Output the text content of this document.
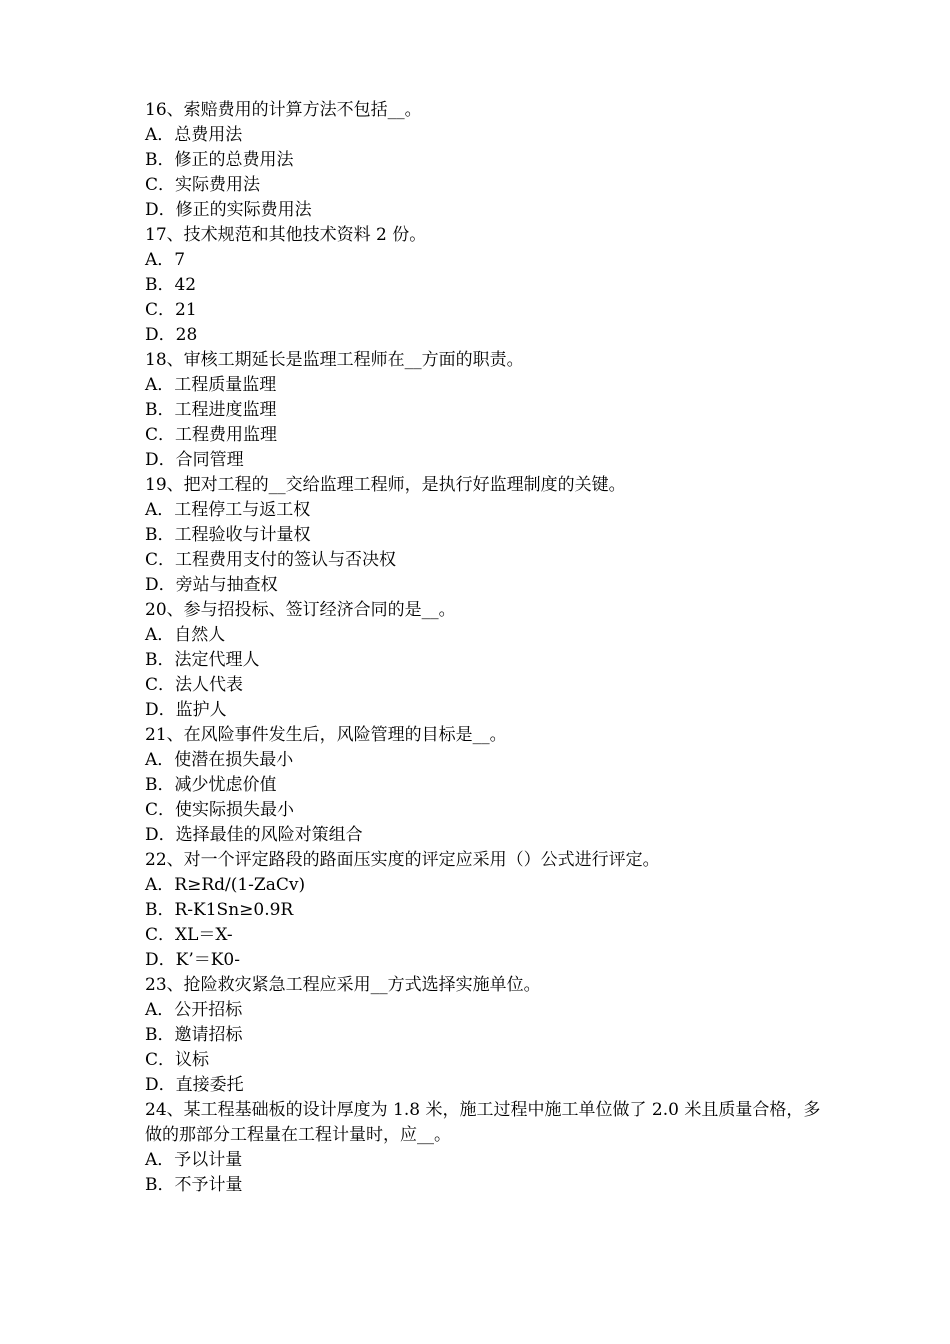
16、索赔费用的计算方法不包括__。
A．总费用法
B．修正的总费用法
C．实际费用法
D．修正的实际费用法
17、技术规范和其他技术资料 2 份。
A．7
B．42
C．21
D．28
18、审核工期延长是监理工程师在__方面的职责。
A．工程质量监理
B．工程进度监理
C．工程费用监理
D．合同管理
19、把对工程的__交给监理工程师，是执行好监理制度的关键。
A．工程停工与返工权
B．工程验收与计量权
C．工程费用支付的签认与否决权
D．旁站与抽查权
20、参与招投标、签订经济合同的是__。
A．自然人
B．法定代理人
C．法人代表
D．监护人
21、在风险事件发生后，风险管理的目标是__。
A．使潜在损失最小
B．减少忧虑价值
C．使实际损失最小
D．选择最佳的风险对策组合
22、对一个评定路段的路面压实度的评定应采用（）公式进行评定。
A．R≥Rd/(1-ZaCv)
B．R-K1Sn≥0.9R
C．XL＝X-
D．K’＝K0-
23、抢险救灾紧急工程应采用__方式选择实施单位。
A．公开招标
B．邀请招标
C．议标
D．直接委托
24、某工程基础板的设计厚度为 1.8 米，施工过程中施工单位做了 2.0 米且质量合格，多做的那部分工程量在工程计量时，应__。
A．予以计量
B．不予计量
